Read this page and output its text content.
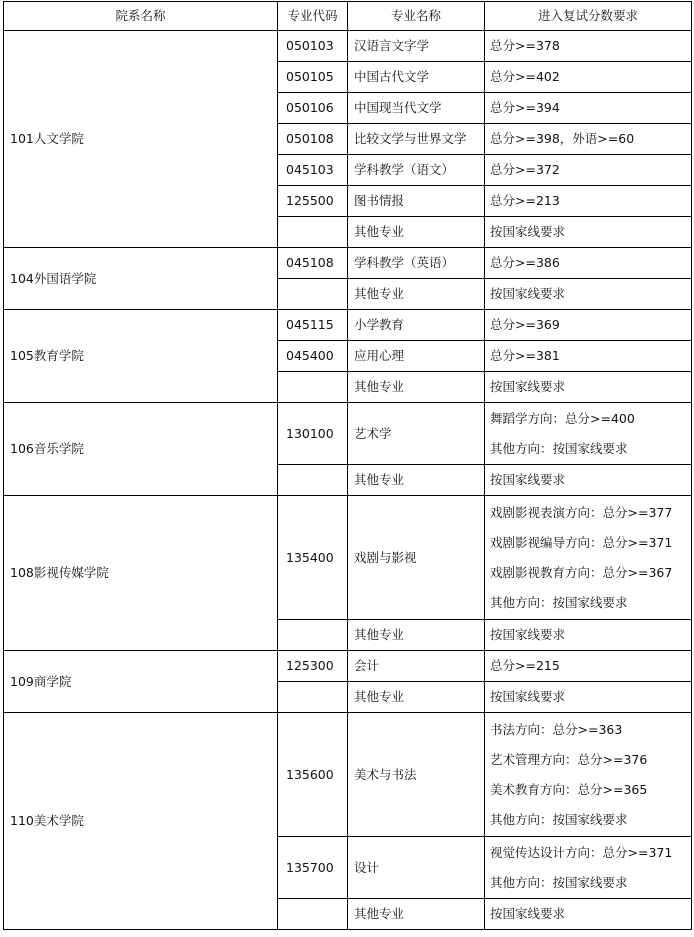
院系名称	专业代码	专业名称	进入复试分数要求
101人文学院	050103	汉语言文字学	总分>=378

	050105	中国古代文学	总分>=402

	050106	中国现当代文学	总分>=394

	050108	比较文学与世界文学	总分>=398，外语>=60

	045103	学科教学（语文）	总分>=372

	125500	图书情报	总分>=213

		其他专业	按国家线要求

104外国语学院	045108	学科教学（英语）	总分>=386

		其他专业	按国家线要求

105教育学院	045115	小学教育	总分>=369

	045400	应用心理	总分>=381

		其他专业	按国家线要求

106音乐学院	130100	艺术学	舞蹈学方向：总分>=400
其他方向：按国家线要求

		其他专业	按国家线要求

108影视传媒学院	135400	戏剧与影视	戏剧影视表演方向：总分>=377
戏剧影视编导方向：总分>=371
戏剧影视教育方向：总分>=367
其他方向：按国家线要求

		其他专业	按国家线要求

109商学院	125300	会计	总分>=215

		其他专业	按国家线要求

110美术学院	135600	美术与书法	书法方向：总分>=363
艺术管理方向：总分>=376
美术教育方向：总分>=365
其他方向：按国家线要求

	135700	设计	视觉传达设计方向：总分>=371
其他方向：按国家线要求

		其他专业	按国家线要求
